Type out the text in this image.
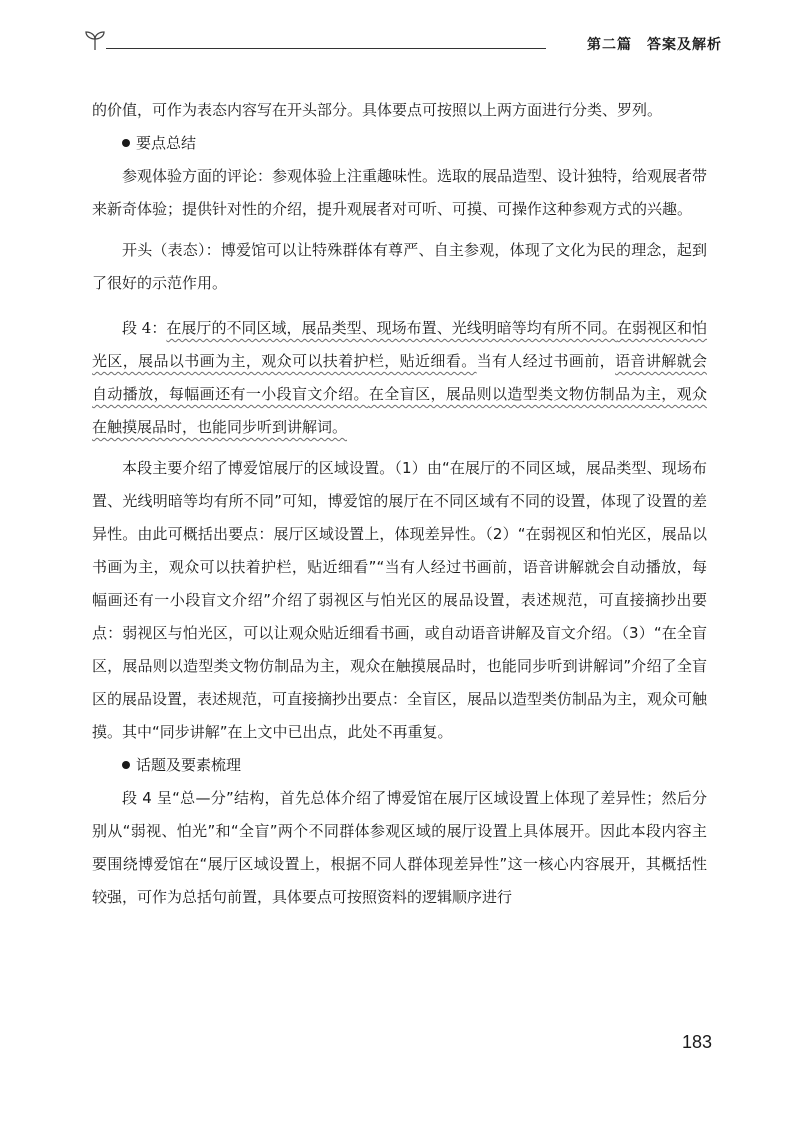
第二篇　答案及解析

的价值，可作为表态内容写在开头部分。具体要点可按照以上两方面进行分类、罗列。

要点总结

参观体验方面的评论：参观体验上注重趣味性。选取的展品造型、设计独特，给观展者带来新奇体验；提供针对性的介绍，提升观展者对可听、可摸、可操作这种参观方式的兴趣。

开头（表态）：博爱馆可以让特殊群体有尊严、自主参观，体现了文化为民的理念，起到了很好的示范作用。

段 4：在展厅的不同区域，展品类型、现场布置、光线明暗等均有所不同。在弱视区和怕光区，展品以书画为主，观众可以扶着护栏，贴近细看。当有人经过书画前，语音讲解就会自动播放，每幅画还有一小段盲文介绍。在全盲区，展品则以造型类文物仿制品为主，观众在触摸展品时，也能同步听到讲解词。

本段主要介绍了博爱馆展厅的区域设置。（1）由“在展厅的不同区域，展品类型、现场布置、光线明暗等均有所不同”可知，博爱馆的展厅在不同区域有不同的设置，体现了设置的差异性。由此可概括出要点：展厅区域设置上，体现差异性。（2）“在弱视区和怕光区，展品以书画为主，观众可以扶着护栏，贴近细看”“当有人经过书画前，语音讲解就会自动播放，每幅画还有一小段盲文介绍”介绍了弱视区与怕光区的展品设置，表述规范，可直接摘抄出要点：弱视区与怕光区，可以让观众贴近细看书画，或自动语音讲解及盲文介绍。（3）“在全盲区，展品则以造型类文物仿制品为主，观众在触摸展品时，也能同步听到讲解词”介绍了全盲区的展品设置，表述规范，可直接摘抄出要点：全盲区，展品以造型类仿制品为主，观众可触摸。其中“同步讲解”在上文中已出点，此处不再重复。

话题及要素梳理

段 4 呈“总—分”结构，首先总体介绍了博爱馆在展厅区域设置上体现了差异性；然后分别从“弱视、怕光”和“全盲”两个不同群体参观区域的展厅设置上具体展开。因此本段内容主要围绕博爱馆在“展厅区域设置上，根据不同人群体现差异性”这一核心内容展开，其概括性较强，可作为总括句前置，具体要点可按照资料的逻辑顺序进行

183
